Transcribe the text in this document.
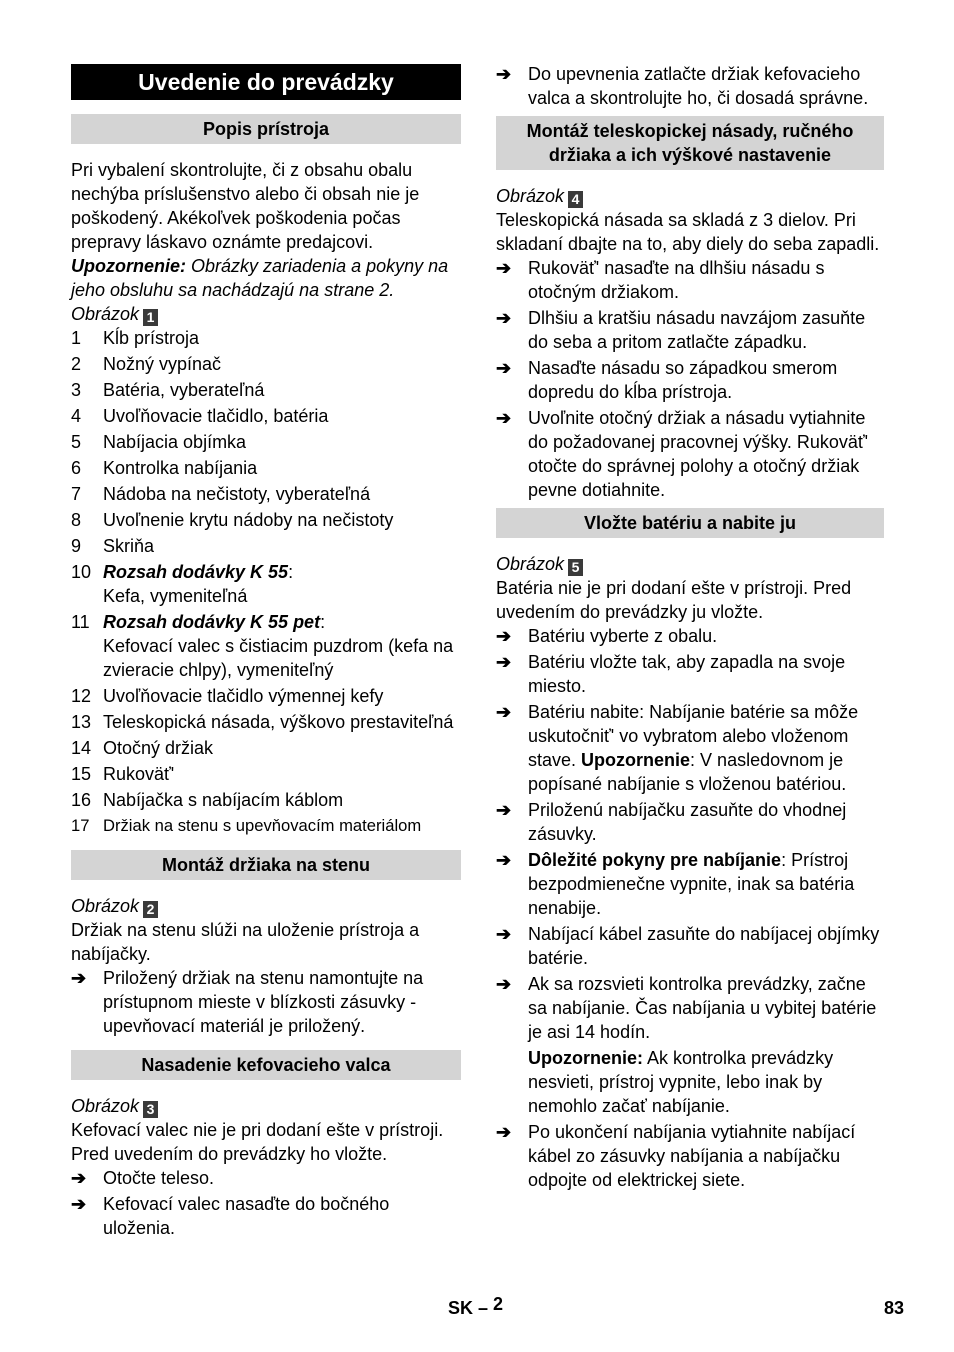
Uvedenie do prevádzky
Popis prístroja

Pri vybalení skontrolujte, či z obsahu obalu nechýba príslušenstvo alebo či obsah nie je poškodený. Akékoľvek poškodenia počas prepravy láskavo oznámte predajcovi.

Upozornenie: Obrázky zariadenia a pokyny na jeho obsluhu sa nachádzajú na strane 2.

Obrázok 1

1 Kĺb prístroja
2 Nožný vypínač
3 Batéria, vyberateľná
4 Uvoľňovacie tlačidlo, batéria
5 Nabíjacia objímka
6 Kontrolka nabíjania
7 Nádoba na nečistoty, vyberateľná
8 Uvoľnenie krytu nádoby na nečistoty
9 Skriňa
10 Rozsah dodávky K 55:
Kefa, vymeniteľná
11 Rozsah dodávky K 55 pet:
Kefovací valec s čistiacim puzdrom (kefa na zvieracie chlpy), vymeniteľný
12 Uvoľňovacie tlačidlo výmennej kefy
13 Teleskopická násada, výškovo prestaviteľná
14 Otočný držiak
15 Rukoväť'
16 Nabíjačka s nabíjacím káblom
17 Držiak na stenu s upevňovacím materiálom
Montáž držiaka na stenu

Obrázok 2

Držiak na stenu slúži na uloženie prístroja a nabíjačky.

➔ Priložený držiak na stenu namontujte na prístupnom mieste v blízkosti zásuvky - upevňovací materiál je priložený.
Nasadenie kefovacieho valca

Obrázok 3

Kefovací valec nie je pri dodaní ešte v prístroji. Pred uvedením do prevádzky ho vložte.

➔ Otočte teleso.
➔ Kefovací valec nasaďte do bočného uloženia.
➔ Do upevnenia zatlačte držiak kefovacieho valca a skontrolujte ho, či dosadá správne.
Montáž teleskopickej násady, ručného držiaka a ich výškové nastavenie

Obrázok 4

Teleskopická násada sa skladá z 3 dielov. Pri skladaní dbajte na to, aby diely do seba zapadli.

➔ Rukoväť' nasaďte na dlhšiu násadu s otočným držiakom.
➔ Dlhšiu a kratšiu násadu navzájom zasuňte do seba a pritom zatlačte západku.
➔ Nasaďte násadu so západkou smerom dopredu do kĺba prístroja.
➔ Uvoľnite otočný držiak a násadu vytiahnite do požadovanej pracovnej výšky. Rukoväť' otočte do správnej polohy a otočný držiak pevne dotiahnite.
Vložte batériu a nabite ju

Obrázok 5

Batéria nie je pri dodaní ešte v prístroji. Pred uvedením do prevádzky ju vložte.

➔ Batériu vyberte z obalu.
➔ Batériu vložte tak, aby zapadla na svoje miesto.
➔ Batériu nabite: Nabíjanie batérie sa môže uskutočniť' vo vybratom alebo vloženom stave. Upozornenie: V nasledovnom je popísané nabíjanie s vloženou batériou.
➔ Priloženú nabíjačku zasuňte do vhodnej zásuvky.
➔ Dôležité pokyny pre nabíjanie: Prístroj bezpodmienečne vypnite, inak sa batéria nenabije.
➔ Nabíjací kábel zasuňte do nabíjacej objímky batérie.
➔ Ak sa rozsvieti kontrolka prevádzky, začne sa nabíjanie. Čas nabíjania u vybitej batérie je asi 14 hodín.

Upozornenie: Ak kontrolka prevádzky nesvieti, prístroj vypnite, lebo inak by nemohlo začať nabíjanie.

➔ Po ukončení nabíjania vytiahnite nabíjací kábel zo zásuvky nabíjania a nabíjačku odpojte od elektrickej siete.
SK – 2	83
